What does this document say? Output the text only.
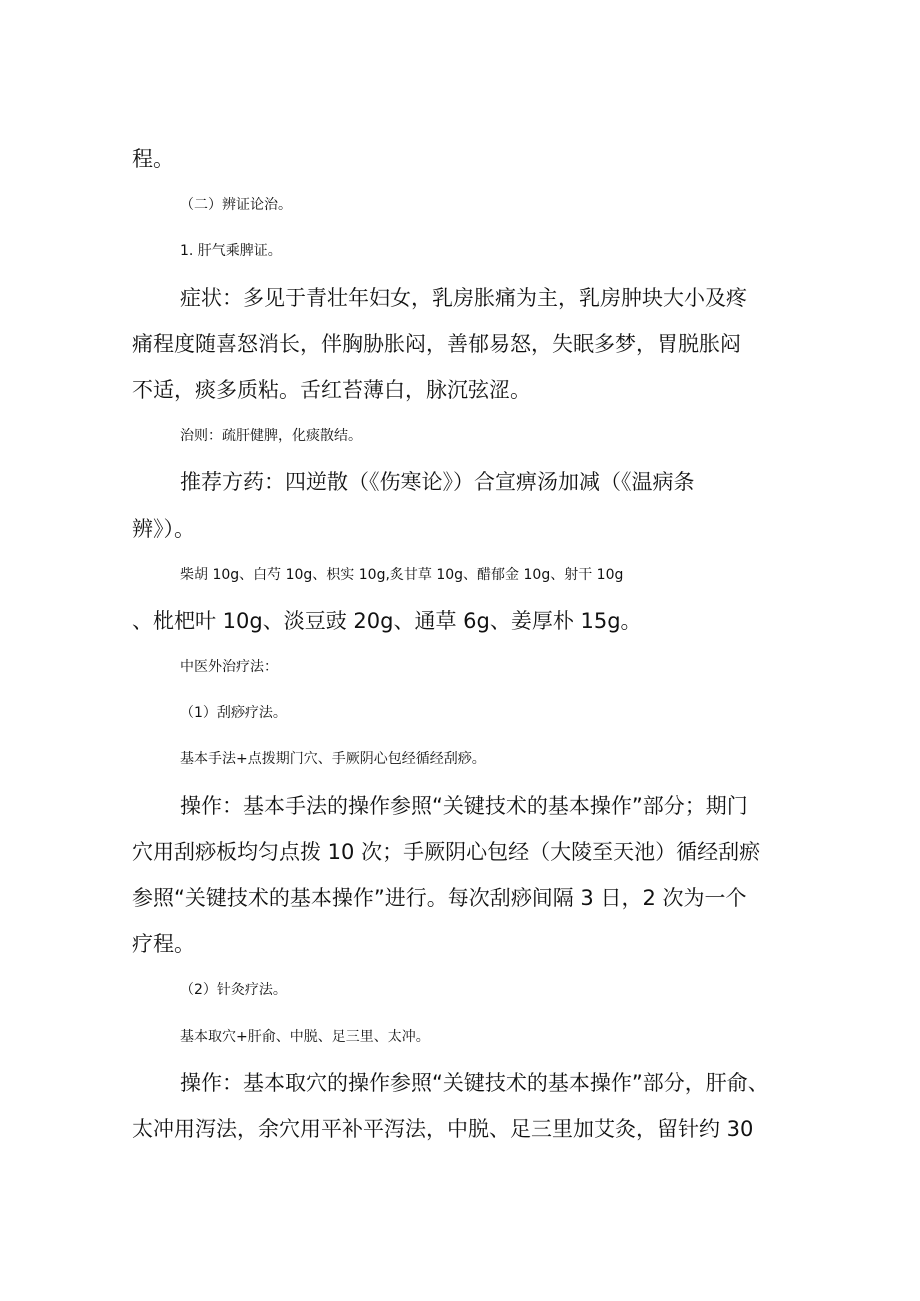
程。
（二）辨证论治。
1. 肝气乘脾证。
症状：多见于青壮年妇女，乳房胀痛为主，乳房肿块大小及疼
痛程度随喜怒消长，伴胸胁胀闷，善郁易怒，失眠多梦，胃脱胀闷
不适，痰多质粘。舌红苔薄白，脉沉弦涩。
治则：疏肝健脾，化痰散结。
推荐方药：四逆散（《伤寒论》）合宣痹汤加减（《温病条
辨》）。
柴胡 10g、白芍 10g、枳实 10g,炙甘草 10g、醋郁金 10g、射干 10g
、枇杷叶 10g、淡豆豉 20g、通草 6g、姜厚朴 15g。
中医外治疗法：
（1）刮痧疗法。
基本手法+点拨期门穴、手厥阴心包经循经刮痧。
操作：基本手法的操作参照“关键技术的基本操作”部分；期门
穴用刮痧板均匀点拨 10 次；手厥阴心包经（大陵至天池）循经刮瘀
参照“关键技术的基本操作”进行。每次刮痧间隔 3 日，2 次为一个
疗程。
（2）针灸疗法。
基本取穴+肝俞、中脱、足三里、太冲。
操作：基本取穴的操作参照“关键技术的基本操作”部分，肝俞、
太冲用泻法，余穴用平补平泻法，中脱、足三里加艾灸，留针约 30
